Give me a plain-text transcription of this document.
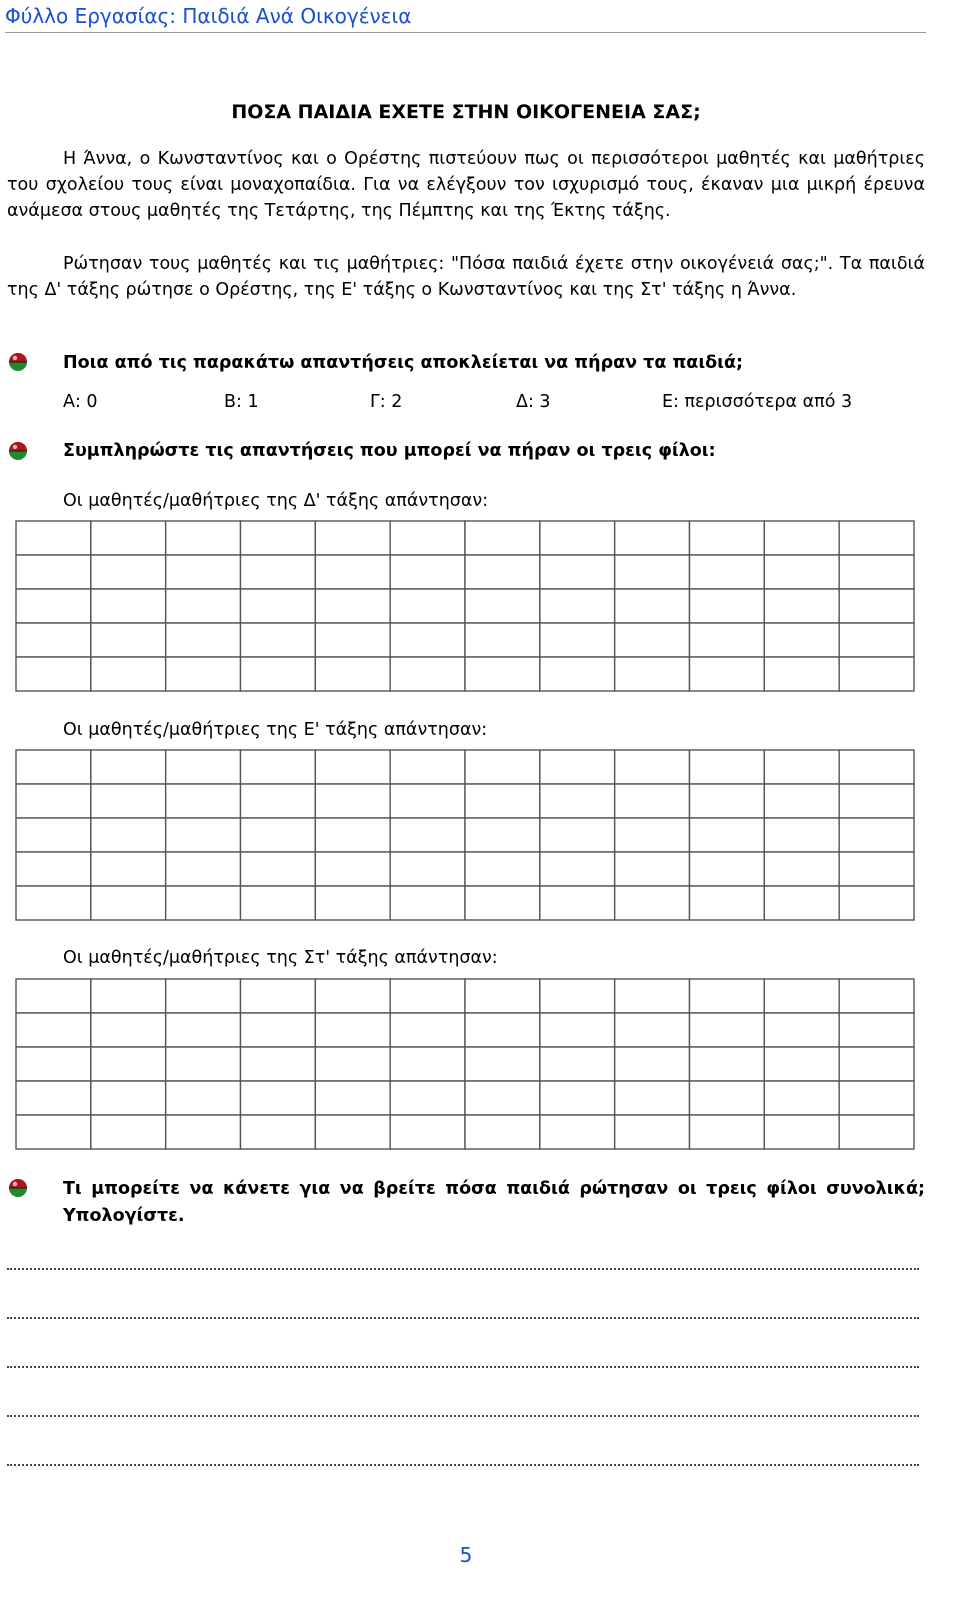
Φύλλο Εργασίας: Παιδιά Ανά Οικογένεια
ΠΟΣΑ ΠΑΙΔΙΑ ΕΧΕΤΕ ΣΤΗΝ ΟΙΚΟΓΕΝΕΙΑ ΣΑΣ;
Η Άννα, ο Κωνσταντίνος και ο Ορέστης πιστεύουν πως οι περισσότεροι μαθητές και μαθήτριες του σχολείου τους είναι μοναχοπαίδια. Για να ελέγξουν τον ισχυρισμό τους, έκαναν μια μικρή έρευνα ανάμεσα στους μαθητές της Τετάρτης, της Πέμπτης και της Έκτης τάξης.
Ρώτησαν τους μαθητές και τις μαθήτριες: "Πόσα παιδιά έχετε στην οικογένειά σας;". Τα παιδιά της Δ' τάξης ρώτησε ο Ορέστης, της Ε' τάξης ο Κωνσταντίνος και της Στ' τάξης η Άννα.
Ποια από τις παρακάτω απαντήσεις αποκλείεται να πήραν τα παιδιά;
Α: 0	Β: 1	Γ: 2	Δ: 3	Ε: περισσότερα από 3
Συμπληρώστε τις απαντήσεις που μπορεί να πήραν οι τρεις φίλοι:
Οι μαθητές/μαθήτριες της Δ' τάξης απάντησαν:
Οι μαθητές/μαθήτριες της Ε' τάξης απάντησαν:
Οι μαθητές/μαθήτριες της Στ' τάξης απάντησαν:
Τι μπορείτε να κάνετε για να βρείτε πόσα παιδιά ρώτησαν οι τρεις φίλοι συνολικά; Υπολογίστε.
5
